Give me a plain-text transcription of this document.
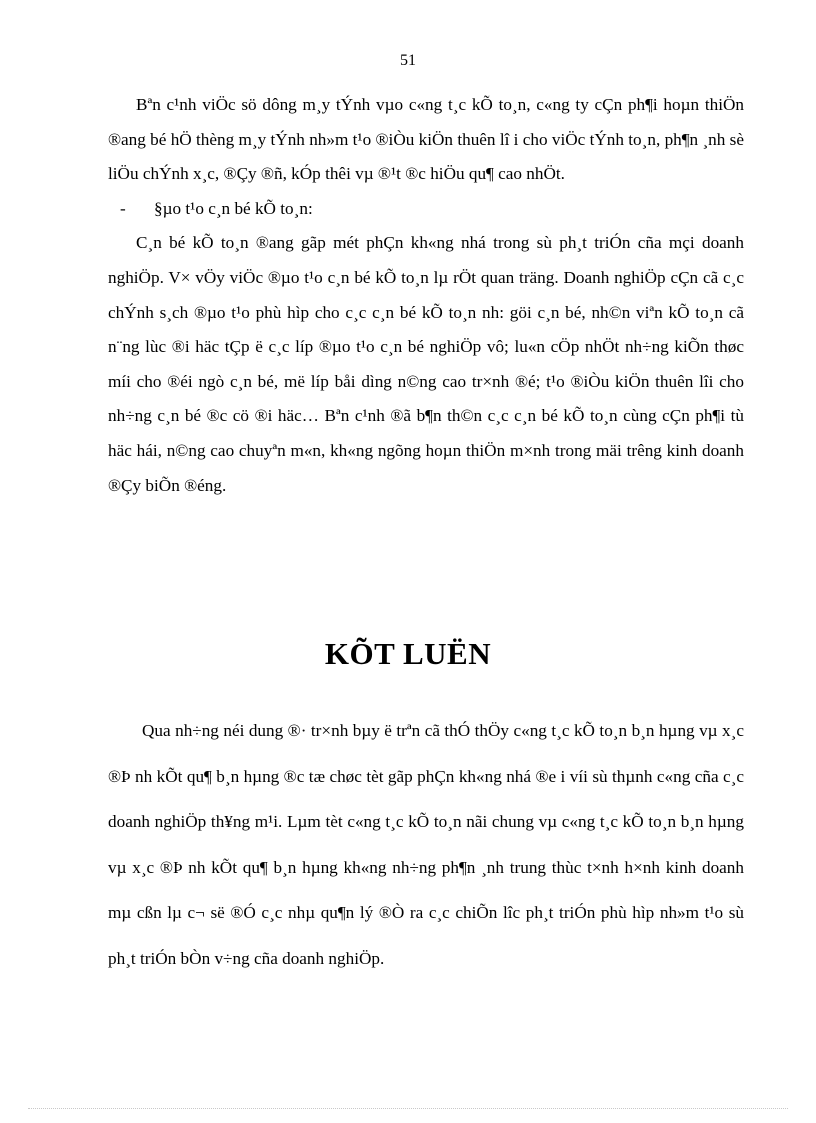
51

Bªn c¹nh viÖc sö dông m¸y tÝnh vµo c«ng t¸c kÕ to¸n, c«ng ty cÇn ph¶i hoµn thiÖn ®ang bé hÖ thèng m¸y tÝnh nh»m t¹o ®iÒu kiÖn thuên lî i cho viÖc tÝnh to¸n, ph¶n ¸nh sè liÖu chÝnh x¸c, ®Çy ®ñ, kÓp thêi vµ ®¹t ®c hiÖu qu¶ cao nhÖt.

- §µo t¹o c¸n bé kÕ to¸n:

C¸n bé kÕ to¸n ®ang gãp mét phÇn kh«ng nhá trong sù ph¸t triÓn cña mçi doanh nghiÖp. V× vÖy viÖc ®µo t¹o c¸n bé kÕ to¸n lµ rÖt quan träng. Doanh nghiÖp cÇn cã c¸c chÝnh s¸ch ®µo t¹o phù hìp cho c¸c c¸n bé kÕ to¸n nh: göi c¸n bé, nh©n viªn kÕ to¸n cã n¨ng lùc ®i häc tÇp ë c¸c líp ®µo t¹o c¸n bé nghiÖp vô; lu«n cÖp nhÖt nh÷ng kiÕn thøc míi cho ®éi ngò c¸n bé, më líp båi dìng n©ng cao tr×nh ®é; t¹o ®iÒu kiÖn thuên lîi cho nh÷ng c¸n bé ®c cö ®i häc… Bªn c¹nh ®ã b¶n th©n c¸c c¸n bé kÕ to¸n cùng cÇn ph¶i tù häc hái, n©ng cao chuyªn m«n, kh«ng ngõng hoµn thiÖn m×nh trong mäi trêng kinh doanh ®Çy biÕn ®éng.

KÕT LUËN

Qua nh÷ng néi dung ®· tr×nh bµy ë trªn cã thÓ thÖy c«ng t¸c kÕ to¸n b¸n hµng vµ x¸c ®Þ nh kÕt qu¶ b¸n hµng ®c tæ chøc tèt gãp phÇn kh«ng nhá ®e i víi sù thµnh c«ng cña c¸c doanh nghiÖp th¥ng m¹i. Lµm tèt c«ng t¸c kÕ to¸n nãi chung vµ c«ng t¸c kÕ to¸n b¸n hµng vµ x¸c ®Þ nh kÕt qu¶ b¸n hµng kh«ng nh÷ng ph¶n ¸nh trung thùc t×nh h×nh kinh doanh mµ cßn lµ c¬ së ®Ó c¸c nhµ qu¶n lý ®Ò ra c¸c chiÕn lîc ph¸t triÓn phù hìp nh»m t¹o sù ph¸t triÓn bÒn v÷ng cña doanh nghiÖp.
